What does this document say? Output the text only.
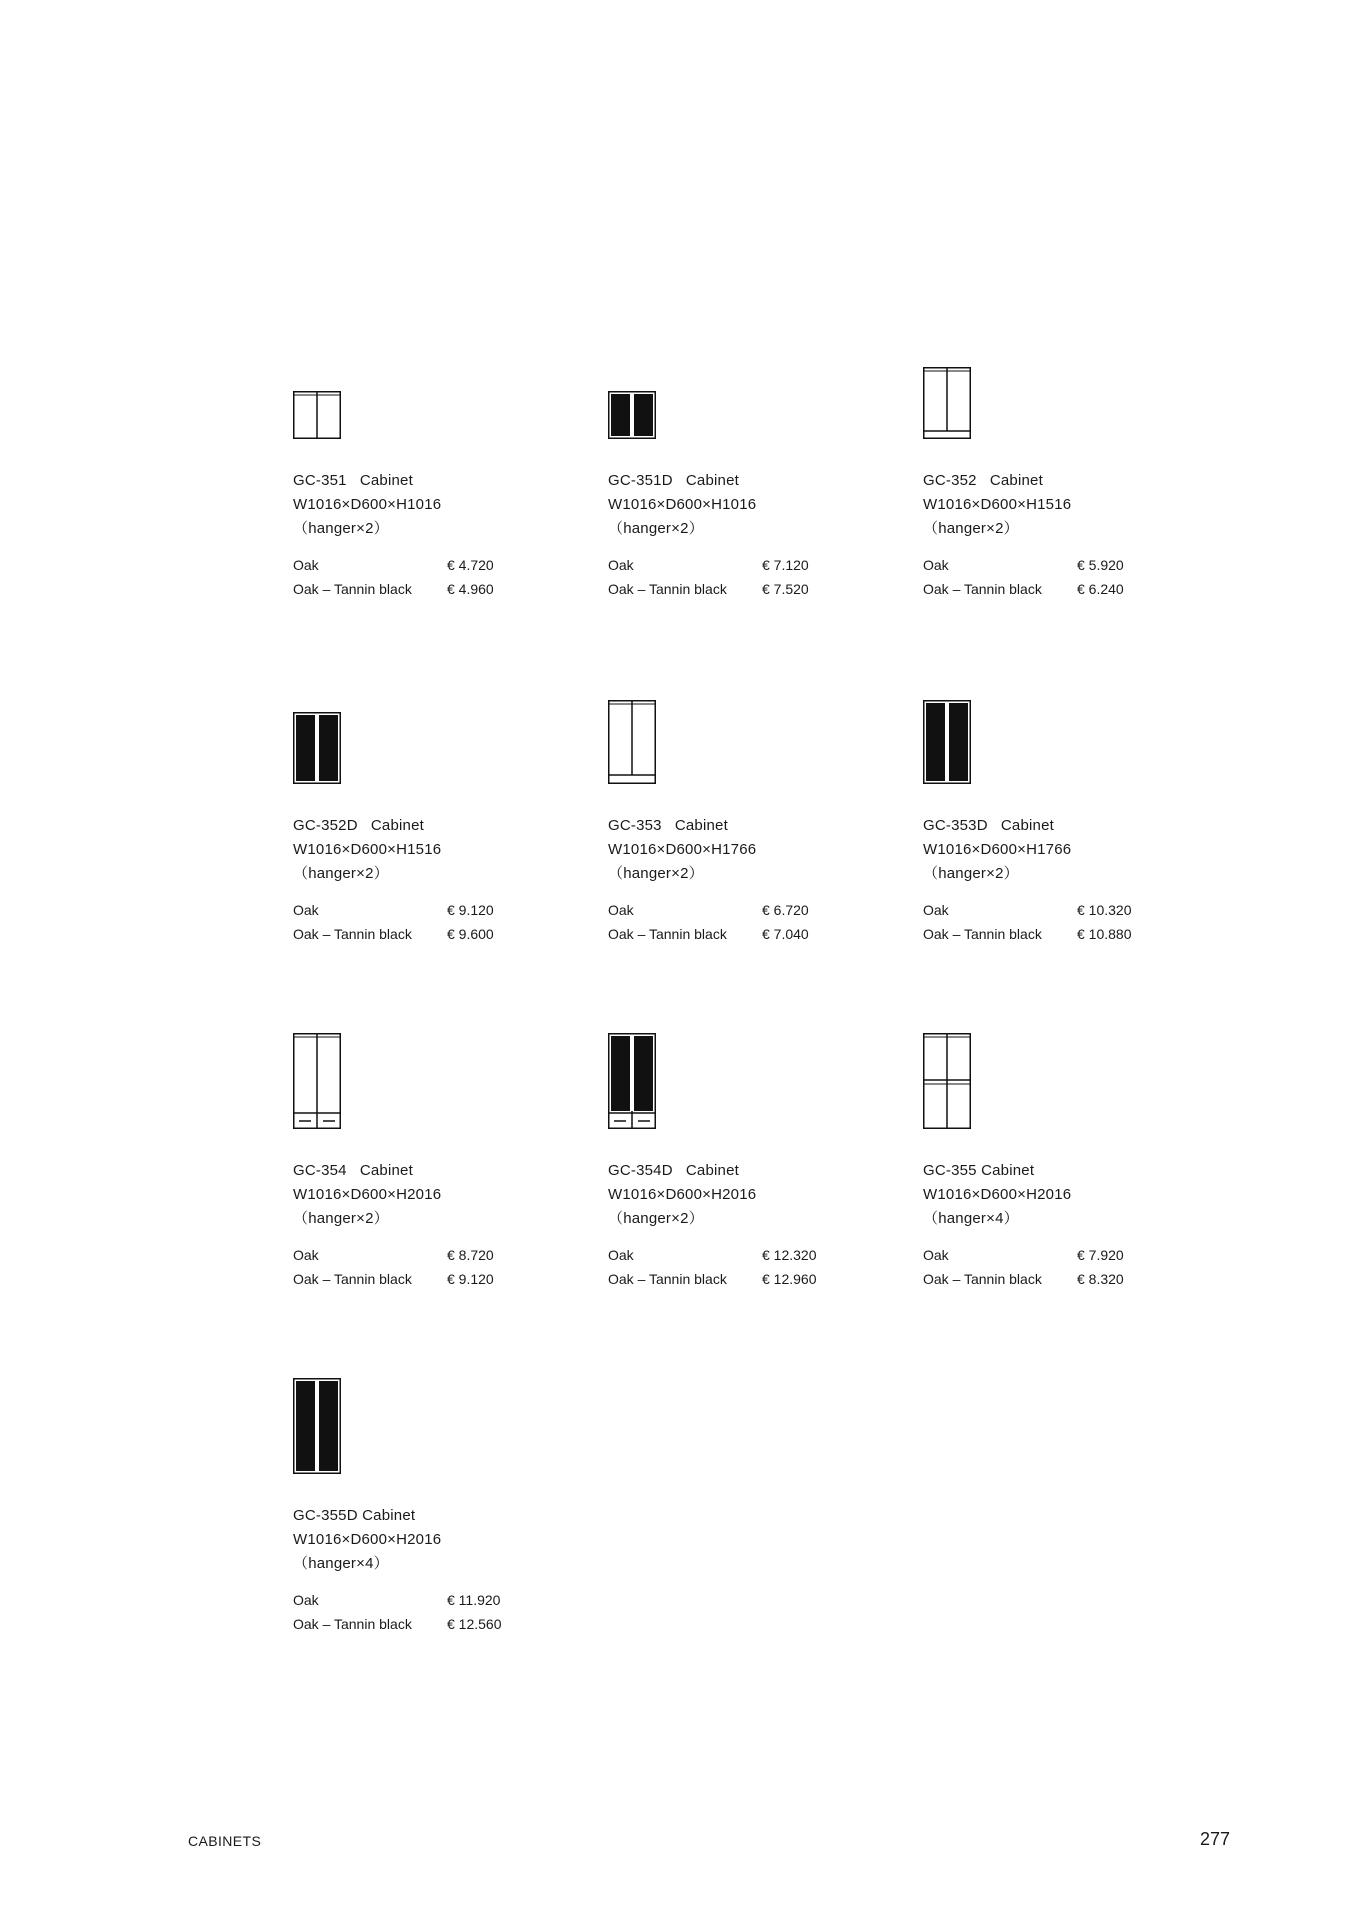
GC-351 Cabinet
W1016×D600×H1016
（hanger×2）
Oak	€ 4.720
Oak – Tannin black	€ 4.960
GC-351D Cabinet
W1016×D600×H1016
（hanger×2）
Oak	€ 7.120
Oak – Tannin black	€ 7.520
GC-352 Cabinet
W1016×D600×H1516
（hanger×2）
Oak	€ 5.920
Oak – Tannin black	€ 6.240
GC-352D Cabinet
W1016×D600×H1516
（hanger×2）
Oak	€ 9.120
Oak – Tannin black	€ 9.600
GC-353 Cabinet
W1016×D600×H1766
（hanger×2）
Oak	€ 6.720
Oak – Tannin black	€ 7.040
GC-353D Cabinet
W1016×D600×H1766
（hanger×2）
Oak	€ 10.320
Oak – Tannin black	€ 10.880
GC-354 Cabinet
W1016×D600×H2016
（hanger×2）
Oak	€ 8.720
Oak – Tannin black	€ 9.120
GC-354D Cabinet
W1016×D600×H2016
（hanger×2）
Oak	€ 12.320
Oak – Tannin black	€ 12.960
GC-355 Cabinet
W1016×D600×H2016
（hanger×4）
Oak	€ 7.920
Oak – Tannin black	€ 8.320
GC-355D Cabinet
W1016×D600×H2016
（hanger×4）
Oak	€ 11.920
Oak – Tannin black	€ 12.560
CABINETS	277
